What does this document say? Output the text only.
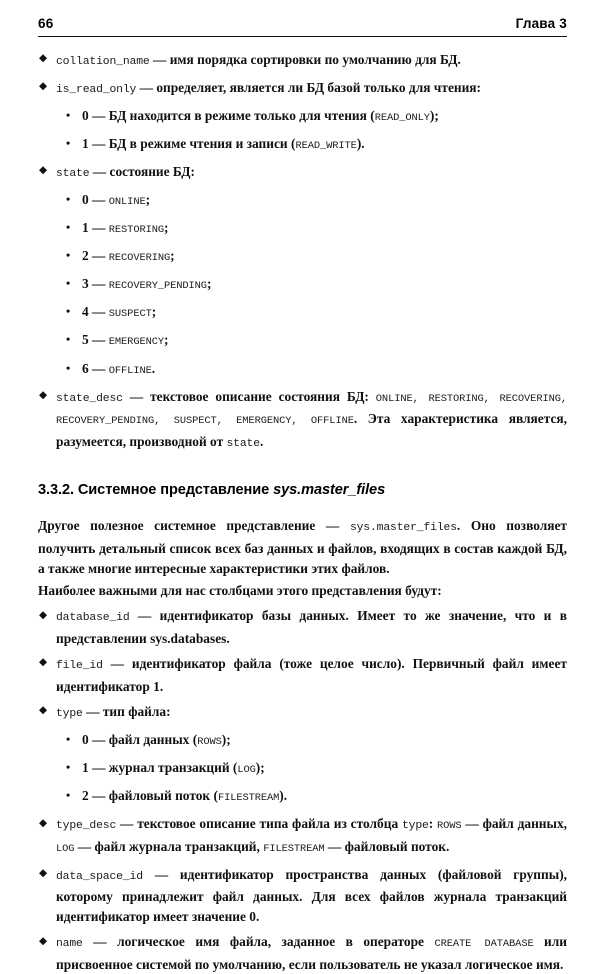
66	Глава 3

◆ collation_name — имя порядка сортировки по умолчанию для БД.

◆ is_read_only — определяет, является ли БД базой только для чтения:

• 0 — БД находится в режиме только для чтения (READ_ONLY);

• 1 — БД в режиме чтения и записи (READ_WRITE).

◆ state — состояние БД:

• 0 — ONLINE;

• 1 — RESTORING;

• 2 — RECOVERING;

• 3 — RECOVERY_PENDING;

• 4 — SUSPECT;

• 5 — EMERGENCY;

• 6 — OFFLINE.

◆ state_desc — текстовое описание состояния БД: ONLINE, RESTORING, RECOVERING, RECOVERY_PENDING, SUSPECT, EMERGENCY, OFFLINE. Эта характеристика является, разумеется, производной от state.

3.3.2. Системное представление sys.master_files

Другое полезное системное представление — sys.master_files. Оно позволяет получить детальный список всех баз данных и файлов, входящих в состав каждой БД, а также многие интересные характеристики этих файлов.

Наиболее важными для нас столбцами этого представления будут:

◆ database_id — идентификатор базы данных. Имеет то же значение, что и в представлении sys.databases.

◆ file_id — идентификатор файла (тоже целое число). Первичный файл имеет идентификатор 1.

◆ type — тип файла:

• 0 — файл данных (ROWS);

• 1 — журнал транзакций (LOG);

• 2 — файловый поток (FILESTREAM).

◆ type_desc — текстовое описание типа файла из столбца type: ROWS — файл данных, LOG — файл журнала транзакций, FILESTREAM — файловый поток.

◆ data_space_id — идентификатор пространства данных (файловой группы), которому принадлежит файл данных. Для всех файлов журнала транзакций идентификатор имеет значение 0.

◆ name — логическое имя файла, заданное в операторе CREATE DATABASE или присвоенное системой по умолчанию, если пользователь не указал логическое имя.
